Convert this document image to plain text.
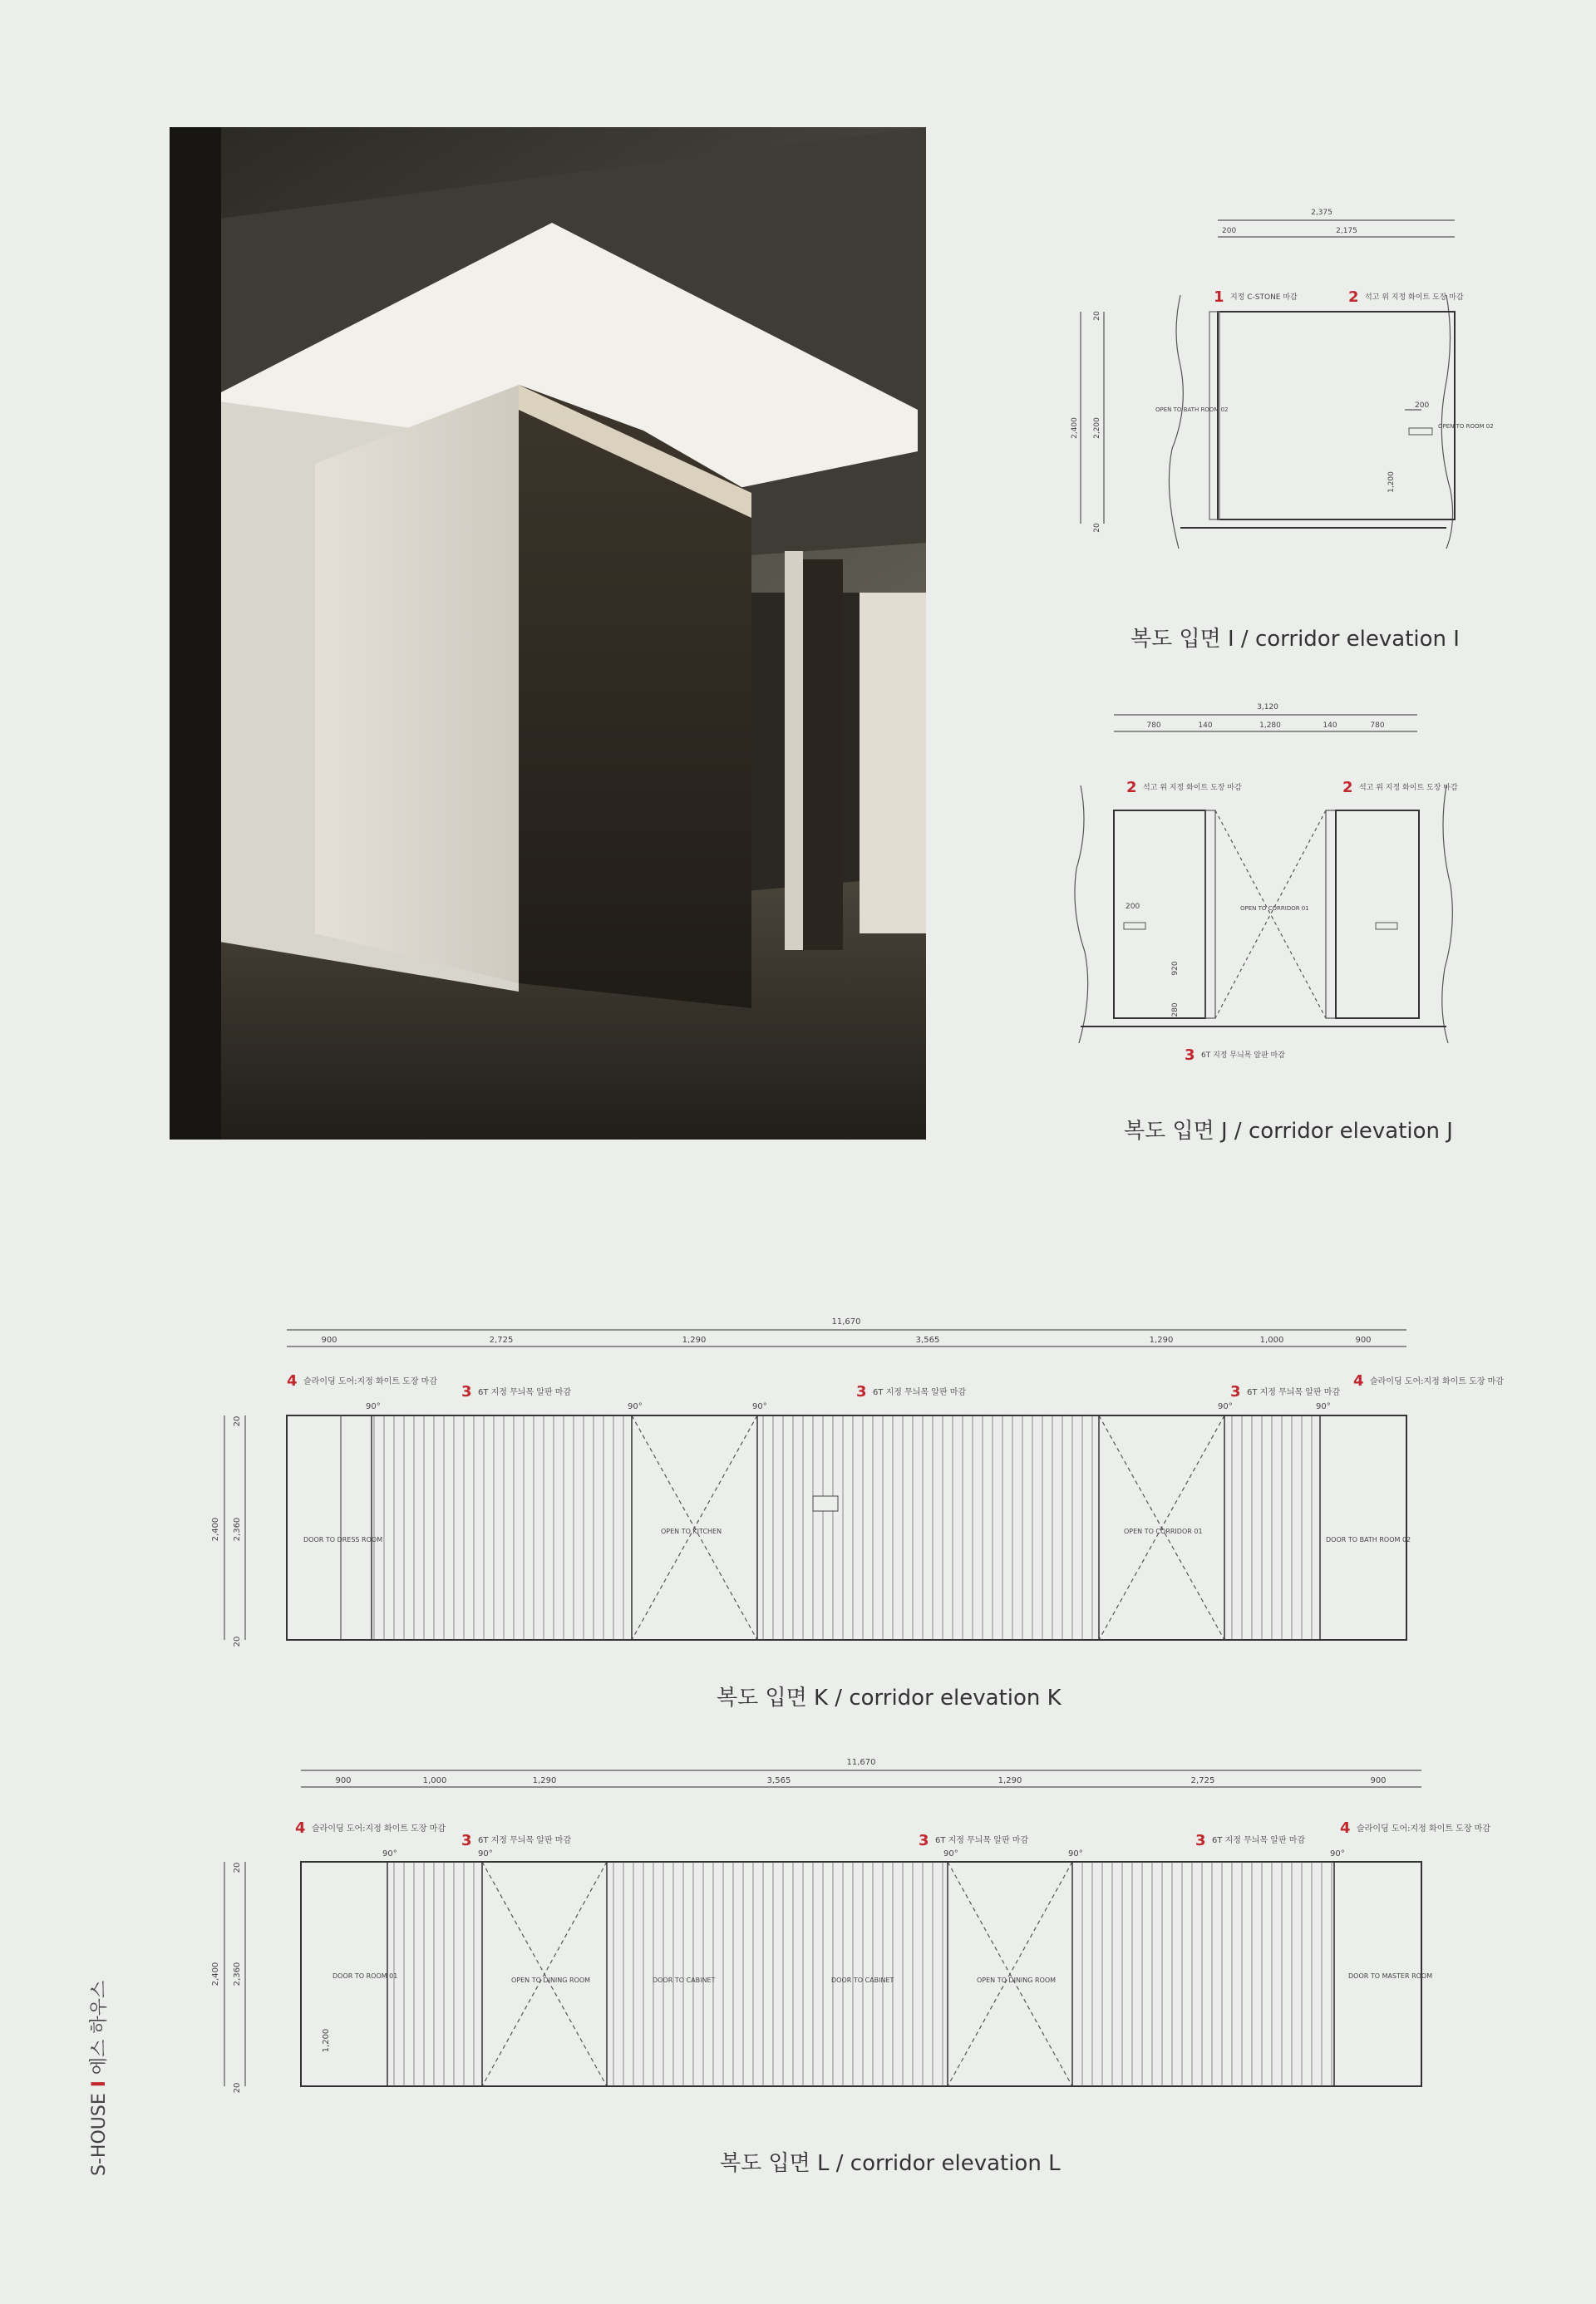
2,375
2,175
200
2,400 2,200
20
20
1,200
200
1 지정 C-STONE 마감	2 석고 위 지정 화이트 도장 마감
OPEN TO BATH ROOM 02
OPEN TO ROOM 02
복도 입면 I / corridor elevation I
3,120
780	140	1,280	140	780
200
920
280
2 석고 위 지정 화이트 도장 마감	2 석고 위 지정 화이트 도장 마감
3 6T 지정 무늬목 알판 마감
OPEN TO CORRIDOR 01
복도 입면 J / corridor elevation J
11,670
900	2,725	1,290	3,565	1,290	1,000	900
2,400 2,360
20
20
4 슬라이딩 도어:지정 화이트 도장 마감
3 6T 지정 무늬목 알판 마감	3 6T 지정 무늬목 알판 마감	3 6T 지정 무늬목 알판 마감
4 슬라이딩 도어:지정 화이트 도장 마감
90°	90°	90°	90°	90°
DOOR TO DRESS ROOM
OPEN TO KITCHEN	OPEN TO CORRIDOR 01
DOOR TO BATH ROOM 02
복도 입면 K / corridor elevation K
11,670
900	1,000	1,290	3,565	1,290	2,725	900
2,400 2,360
20
20
1,200
4 슬라이딩 도어:지정 화이트 도장 마감
3 6T 지정 무늬목 알판 마감	3 6T 지정 무늬목 알판 마감	3 6T 지정 무늬목 알판 마감
4 슬라이딩 도어:지정 화이트 도장 마감
90°	90°	90°	90°	90°
DOOR TO ROOM 01
OPEN TO DINING ROOM	DOOR TO CABINET	DOOR TO CABINET	OPEN TO DINING ROOM
DOOR TO MASTER ROOM
복도 입면 L / corridor elevation L
S-HOUSE I 에스 하우스
